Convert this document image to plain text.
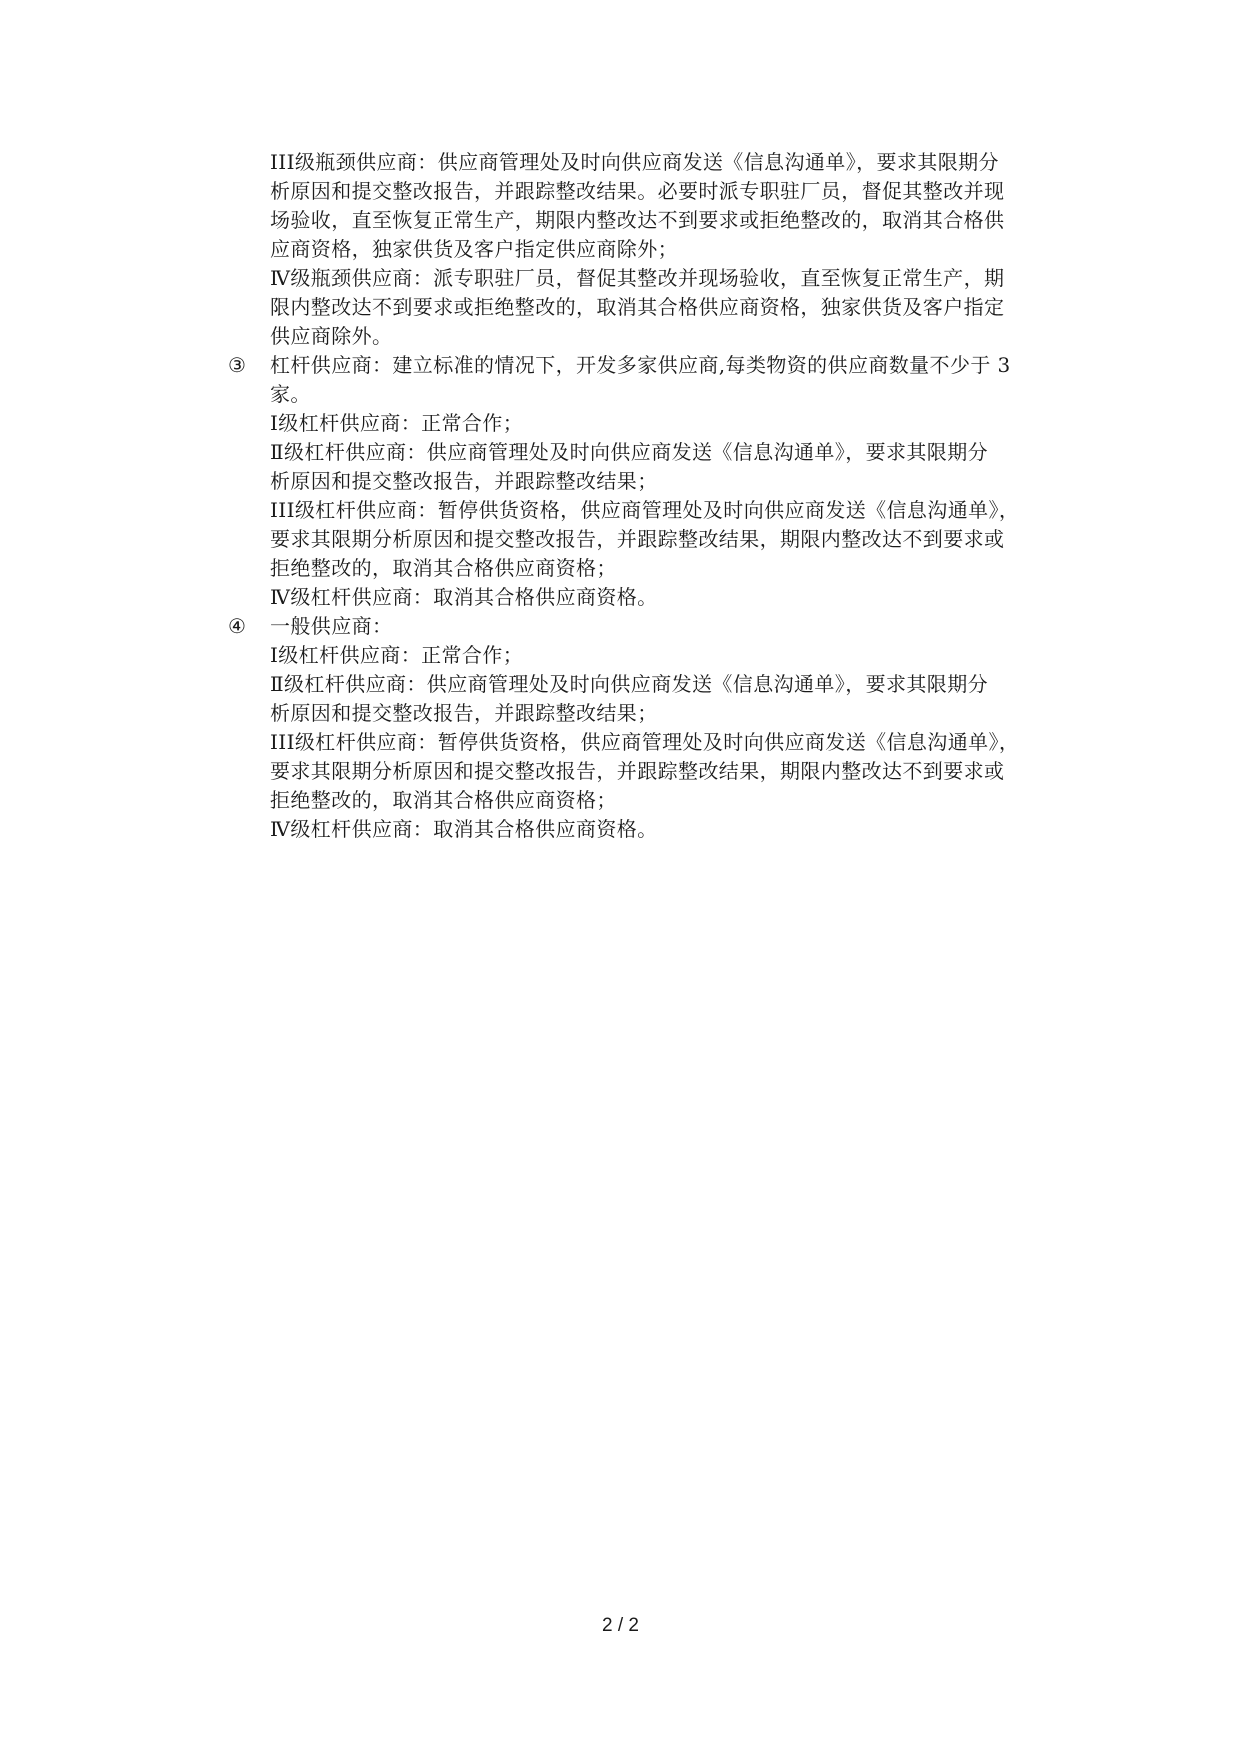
III级瓶颈供应商：供应商管理处及时向供应商发送《信息沟通单》，要求其限期分
析原因和提交整改报告，并跟踪整改结果。必要时派专职驻厂员，督促其整改并现
场验收，直至恢复正常生产，期限内整改达不到要求或拒绝整改的，取消其合格供
应商资格，独家供货及客户指定供应商除外；
Ⅳ级瓶颈供应商：派专职驻厂员，督促其整改并现场验收，直至恢复正常生产，期
限内整改达不到要求或拒绝整改的，取消其合格供应商资格，独家供货及客户指定
供应商除外。
③ 杠杆供应商：建立标准的情况下，开发多家供应商,每类物资的供应商数量不少于 3
家。
Ⅰ级杠杆供应商：正常合作；
Ⅱ级杠杆供应商：供应商管理处及时向供应商发送《信息沟通单》，要求其限期分
析原因和提交整改报告，并跟踪整改结果；
III级杠杆供应商：暂停供货资格，供应商管理处及时向供应商发送《信息沟通单》，
要求其限期分析原因和提交整改报告，并跟踪整改结果，期限内整改达不到要求或
拒绝整改的，取消其合格供应商资格；
Ⅳ级杠杆供应商：取消其合格供应商资格。
④ 一般供应商：
Ⅰ级杠杆供应商：正常合作；
Ⅱ级杠杆供应商：供应商管理处及时向供应商发送《信息沟通单》，要求其限期分
析原因和提交整改报告，并跟踪整改结果；
III级杠杆供应商：暂停供货资格，供应商管理处及时向供应商发送《信息沟通单》，
要求其限期分析原因和提交整改报告，并跟踪整改结果，期限内整改达不到要求或
拒绝整改的，取消其合格供应商资格；
Ⅳ级杠杆供应商：取消其合格供应商资格。
2 / 2
